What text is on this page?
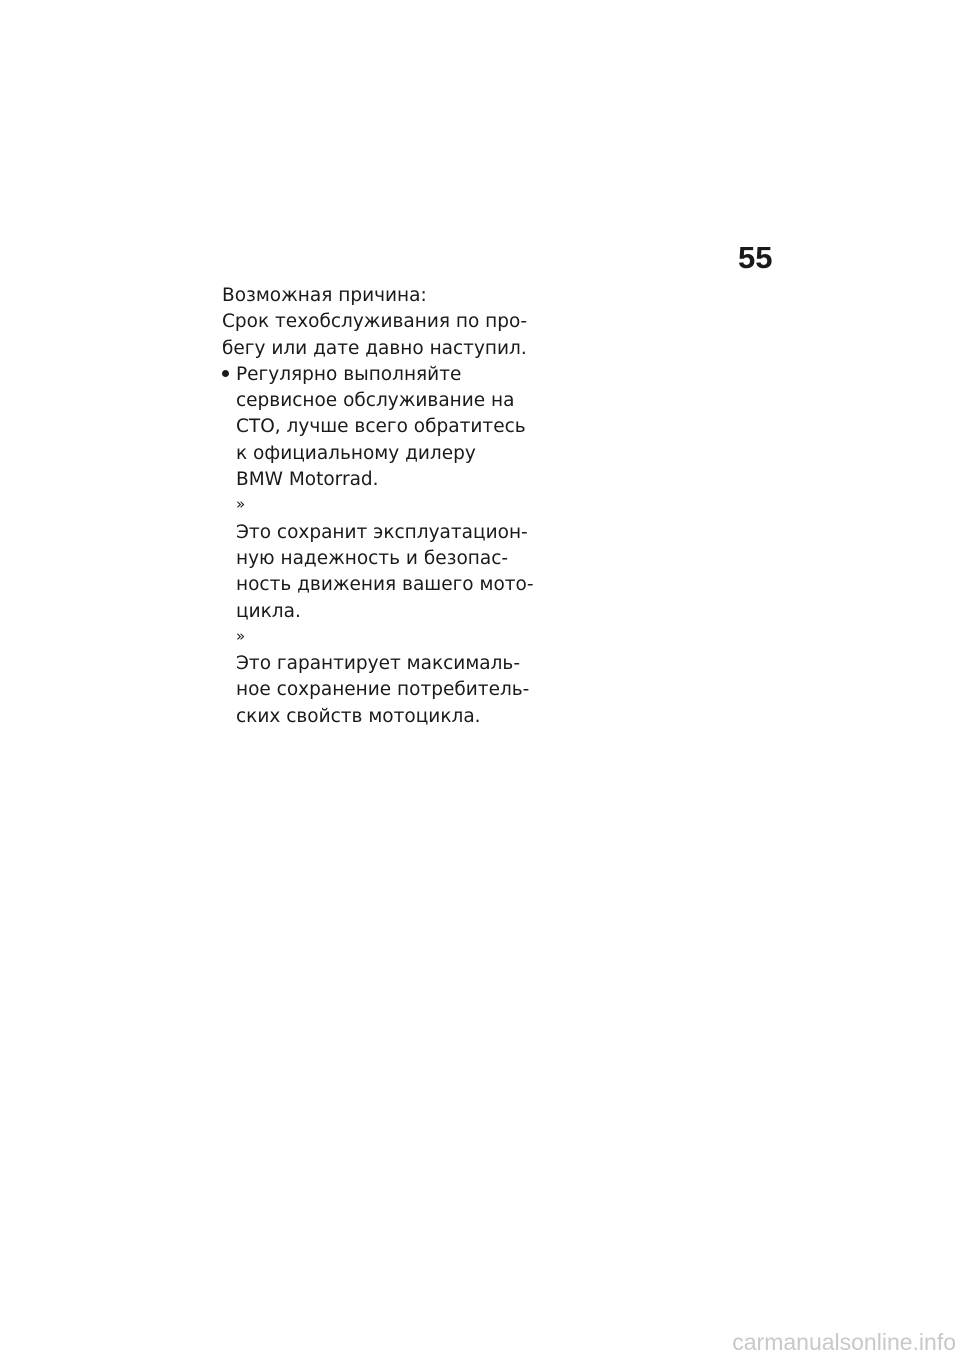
55
Возможная причина:
Срок техобслуживания по про-
бегу или дате давно наступил.
Регулярно выполняйте
сервисное обслуживание на
СТО, лучше всего обратитесь
к официальному дилеру
BMW Motorrad.
»
Это сохранит эксплуатацион-
ную надежность и безопас-
ность движения вашего мото-
цикла.
»
Это гарантирует максималь-
ное сохранение потребитель-
ских свойств мотоцикла.
carmanualsonline.info
